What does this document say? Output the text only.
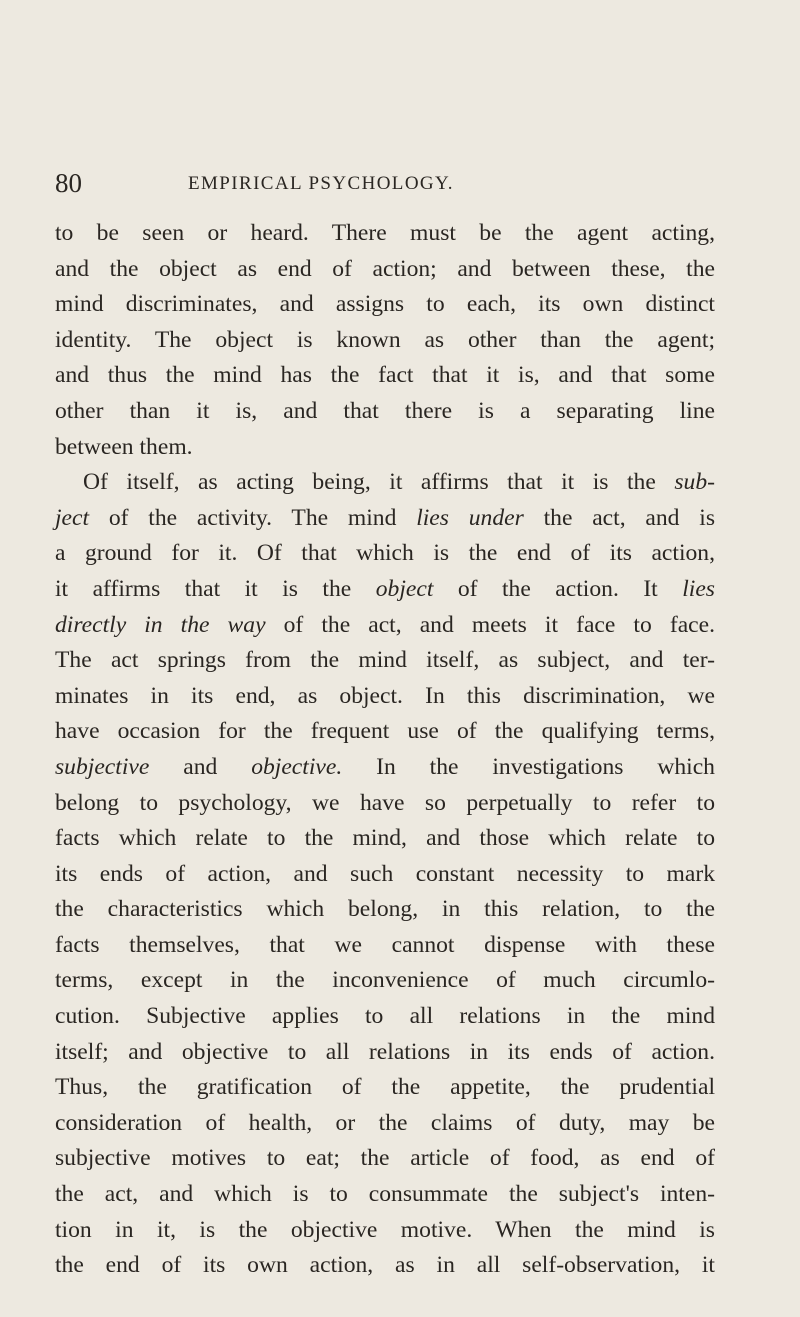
80	EMPIRICAL PSYCHOLOGY.
to be seen or heard. There must be the agent acting,
and the object as end of action; and between these, the
mind discriminates, and assigns to each, its own distinct
identity. The object is known as other than the agent;
and thus the mind has the fact that it is, and that some
other than it is, and that there is a separating line
between them.
Of itself, as acting being, it affirms that it is the sub-
ject of the activity. The mind lies under the act, and is
a ground for it. Of that which is the end of its action,
it affirms that it is the object of the action. It lies
directly in the way of the act, and meets it face to face.
The act springs from the mind itself, as subject, and ter-
minates in its end, as object. In this discrimination, we
have occasion for the frequent use of the qualifying terms,
subjective and objective. In the investigations which
belong to psychology, we have so perpetually to refer to
facts which relate to the mind, and those which relate to
its ends of action, and such constant necessity to mark
the characteristics which belong, in this relation, to the
facts themselves, that we cannot dispense with these
terms, except in the inconvenience of much circumlo-
cution. Subjective applies to all relations in the mind
itself; and objective to all relations in its ends of action.
Thus, the gratification of the appetite, the prudential
consideration of health, or the claims of duty, may be
subjective motives to eat; the article of food, as end of
the act, and which is to consummate the subject's inten-
tion in it, is the objective motive. When the mind is
the end of its own action, as in all self-observation, it
